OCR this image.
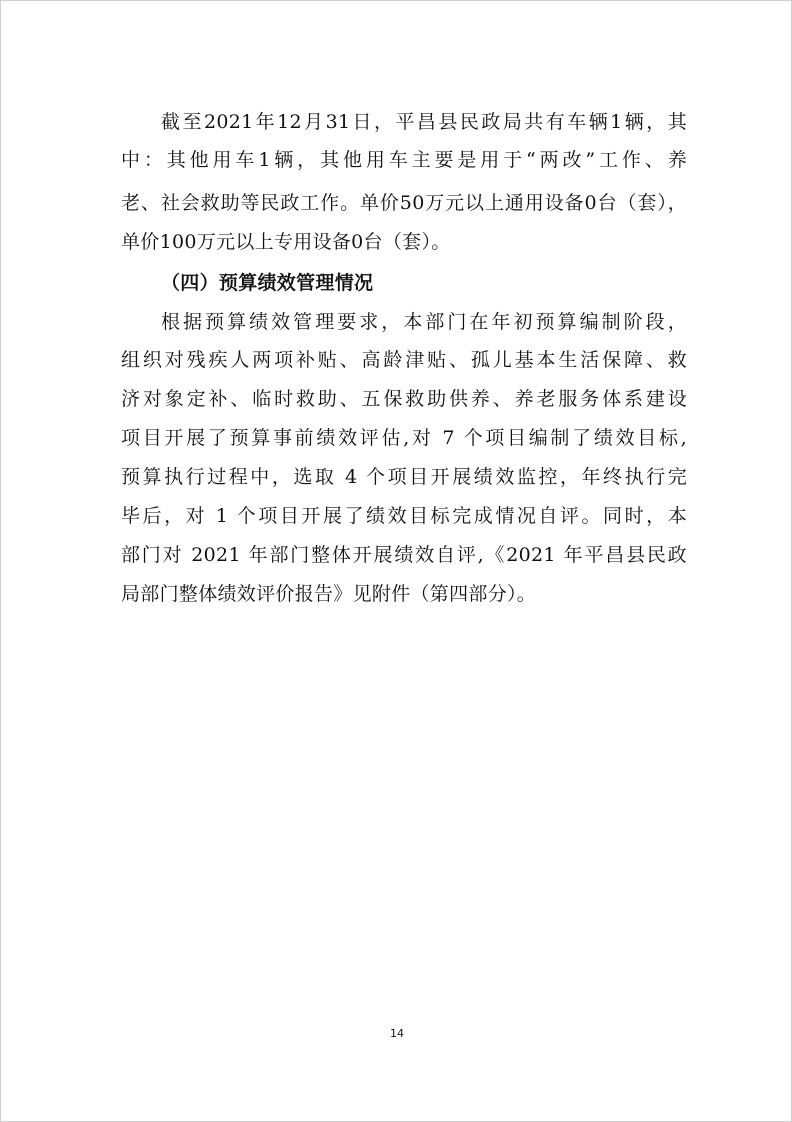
截至2021年12月31日，平昌县民政局共有车辆1辆，其
中：其他用车1辆，其他用车主要是用于“两改”工作、养
老、社会救助等民政工作。单价50万元以上通用设备0台（套），
单价100万元以上专用设备0台（套）。
（四）预算绩效管理情况
根据预算绩效管理要求，本部门在年初预算编制阶段，
组织对残疾人两项补贴、高龄津贴、孤儿基本生活保障、救
济对象定补、临时救助、五保救助供养、养老服务体系建设
项目开展了预算事前绩效评估,对 7 个项目编制了绩效目标,
预算执行过程中，选取 4 个项目开展绩效监控，年终执行完
毕后，对 1 个项目开展了绩效目标完成情况自评。同时，本
部门对 2021 年部门整体开展绩效自评,《2021 年平昌县民政
局部门整体绩效评价报告》见附件（第四部分）。
14
